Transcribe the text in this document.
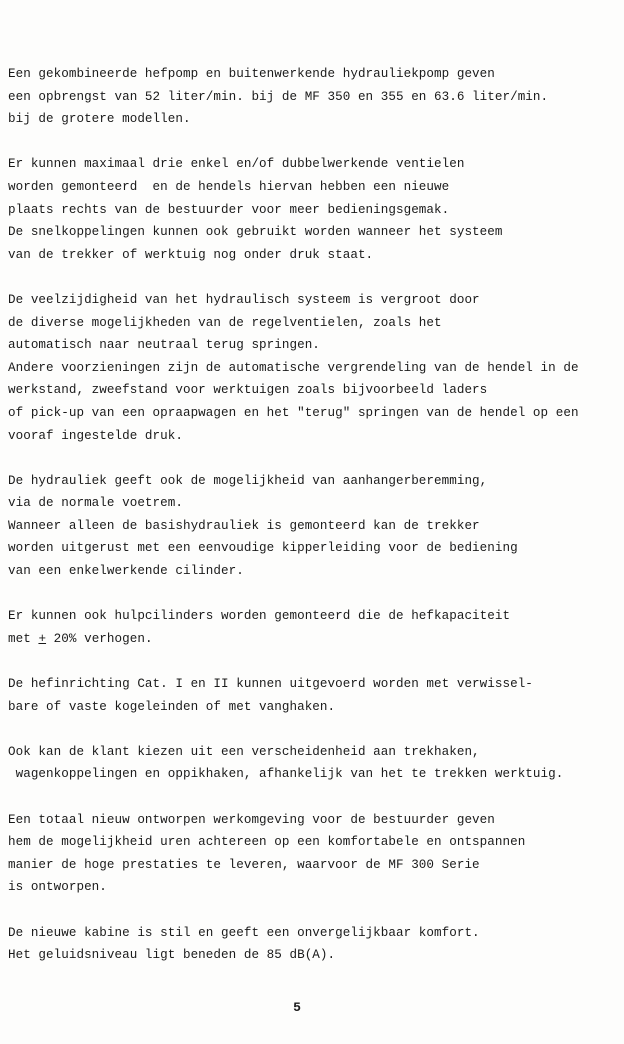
Een gekombineerde hefpomp en buitenwerkende hydrauliekpomp geven
een opbrengst van 52 liter/min. bij de MF 350 en 355 en 63.6 liter/min.
bij de grotere modellen.
Er kunnen maximaal drie enkel en/of dubbelwerkende ventielen
worden gemonteerd  en de hendels hiervan hebben een nieuwe
plaats rechts van de bestuurder voor meer bedieningsgemak.
De snelkoppelingen kunnen ook gebruikt worden wanneer het systeem
van de trekker of werktuig nog onder druk staat.
De veelzijdigheid van het hydraulisch systeem is vergroot door
de diverse mogelijkheden van de regelventielen, zoals het
automatisch naar neutraal terug springen.
Andere voorzieningen zijn de automatische vergrendeling van de hendel in de
werkstand, zweefstand voor werktuigen zoals bijvoorbeeld laders
of pick-up van een opraapwagen en het "terug" springen van de hendel op een
vooraf ingestelde druk.
De hydrauliek geeft ook de mogelijkheid van aanhangerberemming,
via de normale voetrem.
Wanneer alleen de basishydrauliek is gemonteerd kan de trekker
worden uitgerust met een eenvoudige kipperleiding voor de bediening
van een enkelwerkende cilinder.
Er kunnen ook hulpcilinders worden gemonteerd die de hefkapaciteit
met + 20% verhogen.
De hefinrichting Cat. I en II kunnen uitgevoerd worden met verwissel-
bare of vaste kogeleinden of met vanghaken.
Ook kan de klant kiezen uit een verscheidenheid aan trekhaken,
wagenkoppelingen en oppikhaken, afhankelijk van het te trekken werktuig.
Een totaal nieuw ontworpen werkomgeving voor de bestuurder geven
hem de mogelijkheid uren achtereen op een komfortabele en ontspannen
manier de hoge prestaties te leveren, waarvoor de MF 300 Serie
is ontworpen.
De nieuwe kabine is stil en geeft een onvergelijkbaar komfort.
Het geluidsniveau ligt beneden de 85 dB(A).
5
